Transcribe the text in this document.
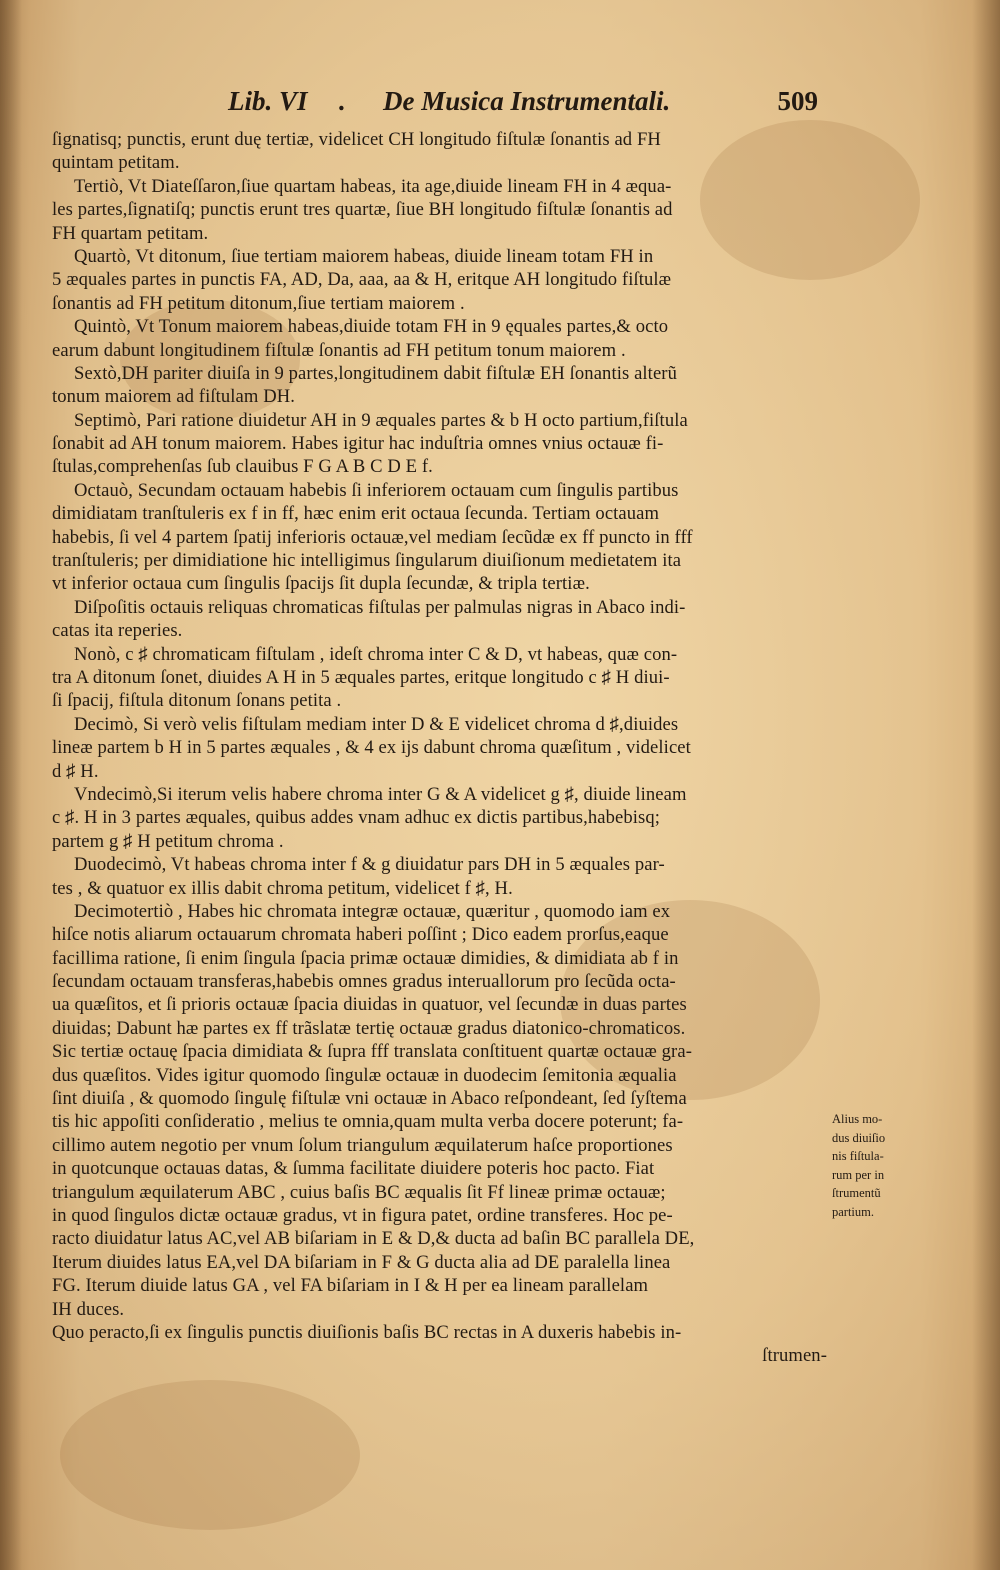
Lib. VI . De Musica Instrumentali.	509
ſignatisq; punctis, erunt duę tertiæ, videlicet CH longitudo fiſtulæ ſonantis ad FH
quintam petitam.
Tertiò, Vt Diateſſaron,ſiue quartam habeas, ita age,diuide lineam FH in 4 æqua-
les partes,ſignatiſq; punctis erunt tres quartæ, ſiue BH longitudo fiſtulæ ſonantis ad
FH quartam petitam.
Quartò, Vt ditonum, ſiue tertiam maiorem habeas, diuide lineam totam FH in
5 æquales partes in punctis FA, AD, Da, aaa, aa & H, eritque AH longitudo fiſtulæ
ſonantis ad FH petitum ditonum,ſiue tertiam maiorem .
Quintò, Vt Tonum maiorem habeas,diuide totam FH in 9 ęquales partes,& octo
earum dabunt longitudinem fiſtulæ ſonantis ad FH petitum tonum maiorem .
Sextò,DH pariter diuiſa in 9 partes,longitudinem dabit fiſtulæ EH ſonantis alterũ
tonum maiorem ad fiſtulam DH.
Septimò, Pari ratione diuidetur AH in 9 æquales partes & b H octo partium,fiſtula
ſonabit ad AH tonum maiorem. Habes igitur hac induſtria omnes vnius octauæ fi-
ſtulas,comprehenſas ſub clauibus F G A B C D E f.
Octauò, Secundam octauam habebis ſi inferiorem octauam cum ſingulis partibus
dimidiatam tranſtuleris ex f in ff, hæc enim erit octaua ſecunda. Tertiam octauam
habebis, ſi vel 4 partem ſpatij inferioris octauæ,vel mediam ſecũdæ ex ff puncto in fff
tranſtuleris; per dimidiatione hic intelligimus ſingularum diuiſionum medietatem ita
vt inferior octaua cum ſingulis ſpacijs ſit dupla ſecundæ, & tripla tertiæ.
Diſpoſitis octauis reliquas chromaticas fiſtulas per palmulas nigras in Abaco indi-
catas ita reperies.
Nonò, c ♯ chromaticam fiſtulam , ideſt chroma inter C & D, vt habeas, quæ con-
tra A ditonum ſonet, diuides A H in 5 æquales partes, eritque longitudo c ♯ H diui-
ſi ſpacij, fiſtula ditonum ſonans petita .
Decimò, Si verò velis fiſtulam mediam inter D & E videlicet chroma d ♯,diuides
lineæ partem b H in 5 partes æquales , & 4 ex ijs dabunt chroma quæſitum , videlicet
d ♯ H.
Vndecimò,Si iterum velis habere chroma inter G & A videlicet g ♯, diuide lineam
c ♯. H in 3 partes æquales, quibus addes vnam adhuc ex dictis partibus,habebisq;
partem g ♯ H petitum chroma .
Duodecimò, Vt habeas chroma inter f & g diuidatur pars DH in 5 æquales par-
tes , & quatuor ex illis dabit chroma petitum, videlicet f ♯, H.
Decimotertiò , Habes hic chromata integræ octauæ, quæritur , quomodo iam ex
hiſce notis aliarum octauarum chromata haberi poſſint ; Dico eadem prorſus,eaque
facillima ratione, ſi enim ſingula ſpacia primæ octauæ dimidies, & dimidiata ab f in
ſecundam octauam transferas,habebis omnes gradus interuallorum pro ſecũda octa-
ua quæſitos, et ſi prioris octauæ ſpacia diuidas in quatuor, vel ſecundæ in duas partes
diuidas; Dabunt hæ partes ex ff trãslatæ tertię octauæ gradus diatonico-chromaticos.
Sic tertiæ octauę ſpacia dimidiata & ſupra fff translata conſtituent quartæ octauæ gra-
dus quæſitos. Vides igitur quomodo ſingulæ octauæ in duodecim ſemitonia æqualia
ſint diuiſa , & quomodo ſingulę fiſtulæ vni octauæ in Abaco reſpondeant, ſed ſyſtema
tis hic appoſiti conſideratio , melius te omnia,quam multa verba docere poterunt; fa-
cillimo autem negotio per vnum ſolum triangulum æquilaterum haſce proportiones
in quotcunque octauas datas, & ſumma facilitate diuidere poteris hoc pacto. Fiat
triangulum æquilaterum ABC , cuius baſis BC æqualis ſit Ff lineæ primæ octauæ;
in quod ſingulos dictæ octauæ gradus, vt in figura patet, ordine transferes. Hoc pe-
racto diuidatur latus AC,vel AB biſariam in E & D,& ducta ad baſin BC parallela DE,
Iterum diuides latus EA,vel DA biſariam in F & G ducta alia ad DE paralella linea
FG. Iterum diuide latus GA , vel FA biſariam in I & H per ea lineam parallelam
IH duces.
Quo peracto,ſi ex ſingulis punctis diuiſionis baſis BC rectas in A duxeris habebis in-
ſtrumen-
Alius mo-
dus diuiſio
nis fiſtula-
rum per in
ſtrumentũ
partium.
